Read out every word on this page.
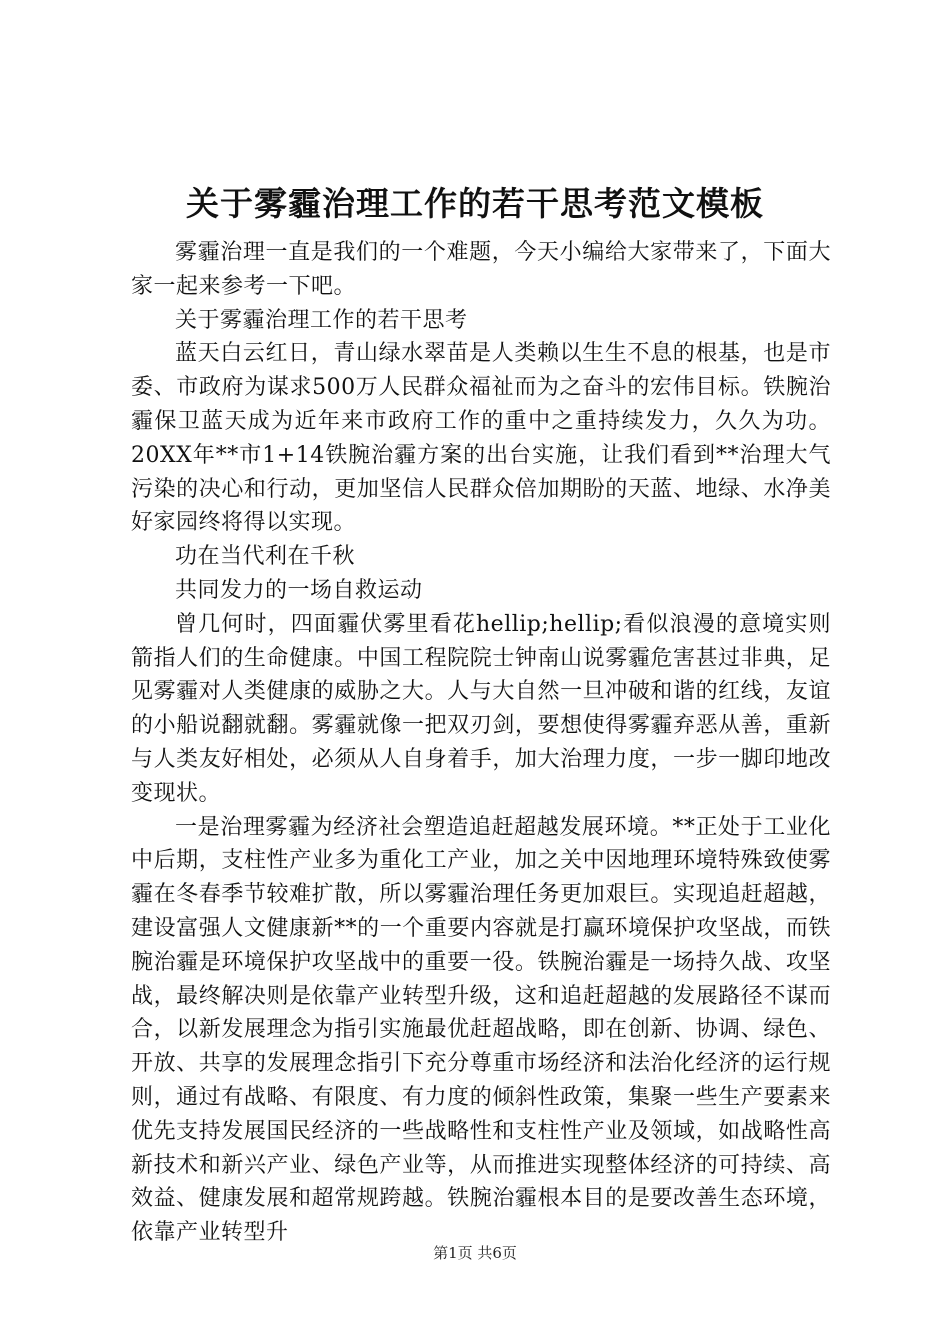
关于雾霾治理工作的若干思考范文模板

雾霾治理一直是我们的一个难题，今天小编给大家带来了，下面大家一起来参考一下吧。

关于雾霾治理工作的若干思考

蓝天白云红日，青山绿水翠苗是人类赖以生生不息的根基，也是市委、市政府为谋求500万人民群众福祉而为之奋斗的宏伟目标。铁腕治霾保卫蓝天成为近年来市政府工作的重中之重持续发力，久久为功。20XX年**市1+14铁腕治霾方案的出台实施，让我们看到**治理大气污染的决心和行动，更加坚信人民群众倍加期盼的天蓝、地绿、水净美好家园终将得以实现。

功在当代利在千秋

共同发力的一场自救运动

曾几何时，四面霾伏雾里看花hellip;hellip;看似浪漫的意境实则箭指人们的生命健康。中国工程院院士钟南山说雾霾危害甚过非典，足见雾霾对人类健康的威胁之大。人与大自然一旦冲破和谐的红线，友谊的小船说翻就翻。雾霾就像一把双刃剑，要想使得雾霾弃恶从善，重新与人类友好相处，必须从人自身着手，加大治理力度，一步一脚印地改变现状。

一是治理雾霾为经济社会塑造追赶超越发展环境。**正处于工业化中后期，支柱性产业多为重化工产业，加之关中因地理环境特殊致使雾霾在冬春季节较难扩散，所以雾霾治理任务更加艰巨。实现追赶超越，建设富强人文健康新**的一个重要内容就是打赢环境保护攻坚战，而铁腕治霾是环境保护攻坚战中的重要一役。铁腕治霾是一场持久战、攻坚战，最终解决则是依靠产业转型升级，这和追赶超越的发展路径不谋而合，以新发展理念为指引实施最优赶超战略，即在创新、协调、绿色、开放、共享的发展理念指引下充分尊重市场经济和法治化经济的运行规则，通过有战略、有限度、有力度的倾斜性政策，集聚一些生产要素来优先支持发展国民经济的一些战略性和支柱性产业及领域，如战略性高新技术和新兴产业、绿色产业等，从而推进实现整体经济的可持续、高效益、健康发展和超常规跨越。铁腕治霾根本目的是要改善生态环境，依靠产业转型升

第1页 共6页
